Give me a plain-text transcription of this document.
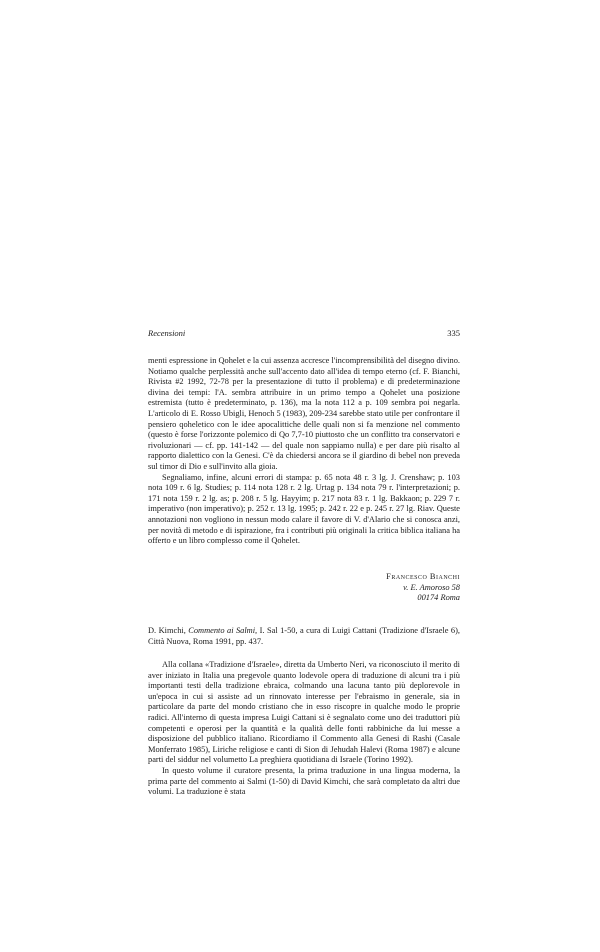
Recensioni	335

menti espressione in Qohelet e la cui assenza accresce l'incomprensibilità del disegno divino. Notiamo qualche perplessità anche sull'accento dato all'idea di tempo eterno (cf. F. Bianchi, Rivista #2 1992, 72-78 per la presentazione di tutto il problema) e di predeterminazione divina dei tempi: l'A. sembra attribuire in un primo tempo a Qohelet una posizione estremista (tutto è predeterminato, p. 136), ma la nota 112 a p. 109 sembra poi negarla. L'articolo di E. Rosso Ubigli, Henoch 5 (1983), 209-234 sarebbe stato utile per confrontare il pensiero qoheletico con le idee apocalittiche delle quali non si fa menzione nel commento (questo è forse l'orizzonte polemico di Qo 7,7-10 piuttosto che un conflitto tra conservatori e rivoluzionari — cf. pp. 141-142 — del quale non sappiamo nulla) e per dare più risalto al rapporto dialettico con la Genesi. C'è da chiedersi ancora se il giardino di bebel non preveda sul timor di Dio e sull'invito alla gioia.

Segnaliamo, infine, alcuni errori di stampa: p. 65 nota 48 r. 3 lg. J. Crenshaw; p. 103 nota 109 r. 6 lg. Studies; p. 114 nota 128 r. 2 lg. Urtag p. 134 nota 79 r. l'interpretazioni; p. 171 nota 159 r. 2 lg. as; p. 208 r. 5 lg. Hayyim; p. 217 nota 83 r. 1 lg. Bakkaon; p. 229 7 r. imperativo (non imperativo); p. 252 r. 13 lg. 1995; p. 242 r. 22 e p. 245 r. 27 lg. Riav. Queste annotazioni non vogliono in nessun modo calare il favore di V. d'Alario che si conosca anzi, per novità di metodo e di ispirazione, fra i contributi più originali la critica biblica italiana ha offerto e un libro complesso come il Qohelet.

Francesco Bianchi
v. E. Amoroso 58
00174 Roma
D. Kimchi, Commento ai Salmi, I. Sal 1-50, a cura di Luigi Cattani (Tradizione d'Israele 6), Città Nuova, Roma 1991, pp. 437.

Alla collana «Tradizione d'Israele», diretta da Umberto Neri, va riconosciuto il merito di aver iniziato in Italia una pregevole quanto lodevole opera di traduzione di alcuni tra i più importanti testi della tradizione ebraica, colmando una lacuna tanto più deplorevole in un'epoca in cui si assiste ad un rinnovato interesse per l'ebraismo in generale, sia in particolare da parte del mondo cristiano che in esso riscopre in qualche modo le proprie radici. All'interno di questa impresa Luigi Cattani si è segnalato come uno dei traduttori più competenti e operosi per la quantità e la qualità delle fonti rabbiniche da lui messe a disposizione del pubblico italiano. Ricordiamo il Commento alla Genesi di Rashi (Casale Monferrato 1985), Liriche religiose e canti di Sion di Jehudah Halevi (Roma 1987) e alcune parti del siddur nel volumetto La preghiera quotidiana di Israele (Torino 1992).

In questo volume il curatore presenta, la prima traduzione in una lingua moderna, la prima parte del commento ai Salmi (1-50) di David Kimchi, che sarà completato da altri due volumi. La traduzione è stata
